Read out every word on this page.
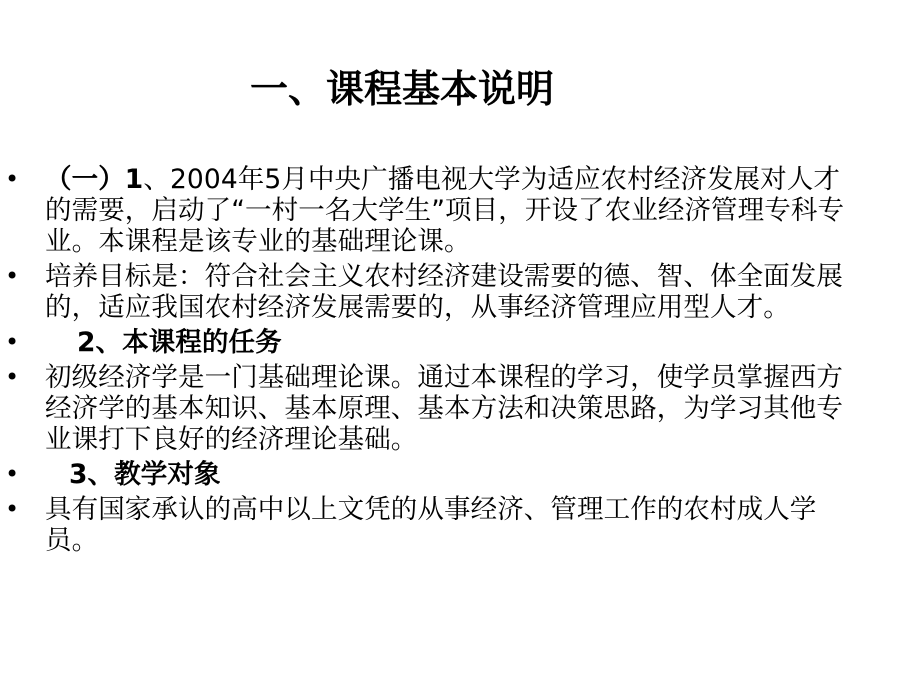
一、课程基本说明
• （一）1、2004年5月中央广播电视大学为适应农村经济发展对人才的需要，启动了“一村一名大学生”项目，开设了农业经济管理专科专业。本课程是该专业的基础理论课。
• 培养目标是：符合社会主义农村经济建设需要的德、智、体全面发展的，适应我国农村经济发展需要的，从事经济管理应用型人才。
•	2、本课程的任务
• 初级经济学是一门基础理论课。通过本课程的学习，使学员掌握西方经济学的基本知识、基本原理、基本方法和决策思路，为学习其他专业课打下良好的经济理论基础。
•	3、教学对象
• 具有国家承认的高中以上文凭的从事经济、管理工作的农村成人学员。
